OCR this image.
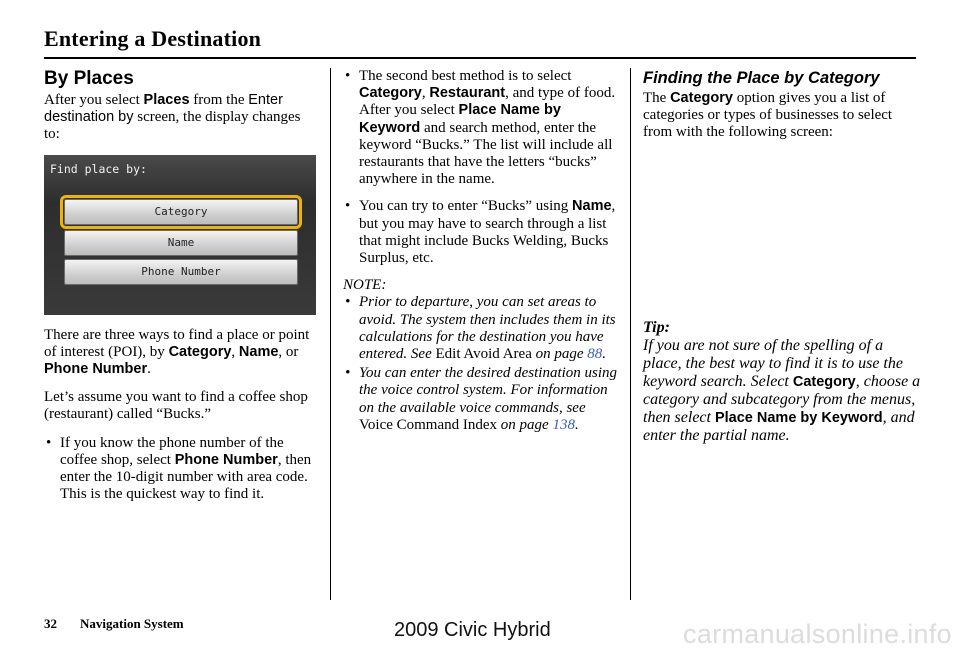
Entering a Destination
By Places

After you select Places from the Enter destination by screen, the display changes to:

Find place by:
Category
Name
Phone Number

There are three ways to find a place or point of interest (POI), by Category, Name, or Phone Number.

Let’s assume you want to find a coffee shop (restaurant) called “Bucks.”

• If you know the phone number of the coffee shop, select Phone Number, then enter the 10-digit number with area code. This is the quickest way to find it.
• The second best method is to select Category, Restaurant, and type of food. After you select Place Name by Keyword and search method, enter the keyword “Bucks.” The list will include all restaurants that have the letters “bucks” anywhere in the name.
• You can try to enter “Bucks” using Name, but you may have to search through a list that might include Bucks Welding, Bucks Surplus, etc.

NOTE:

• Prior to departure, you can set areas to avoid. The system then includes them in its calculations for the destination you have entered. See Edit Avoid Area on page 88.
• You can enter the desired destination using the voice control system. For information on the available voice commands, see Voice Command Index on page 138.
Finding the Place by Category

The Category option gives you a list of categories or types of businesses to select from with the following screen:

Tip:

If you are not sure of the spelling of a place, the best way to find it is to use the keyword search. Select Category, choose a category and subcategory from the menus, then select Place Name by Keyword, and enter the partial name.

32 Navigation System	2009 Civic Hybrid	carmanualsonline.info
